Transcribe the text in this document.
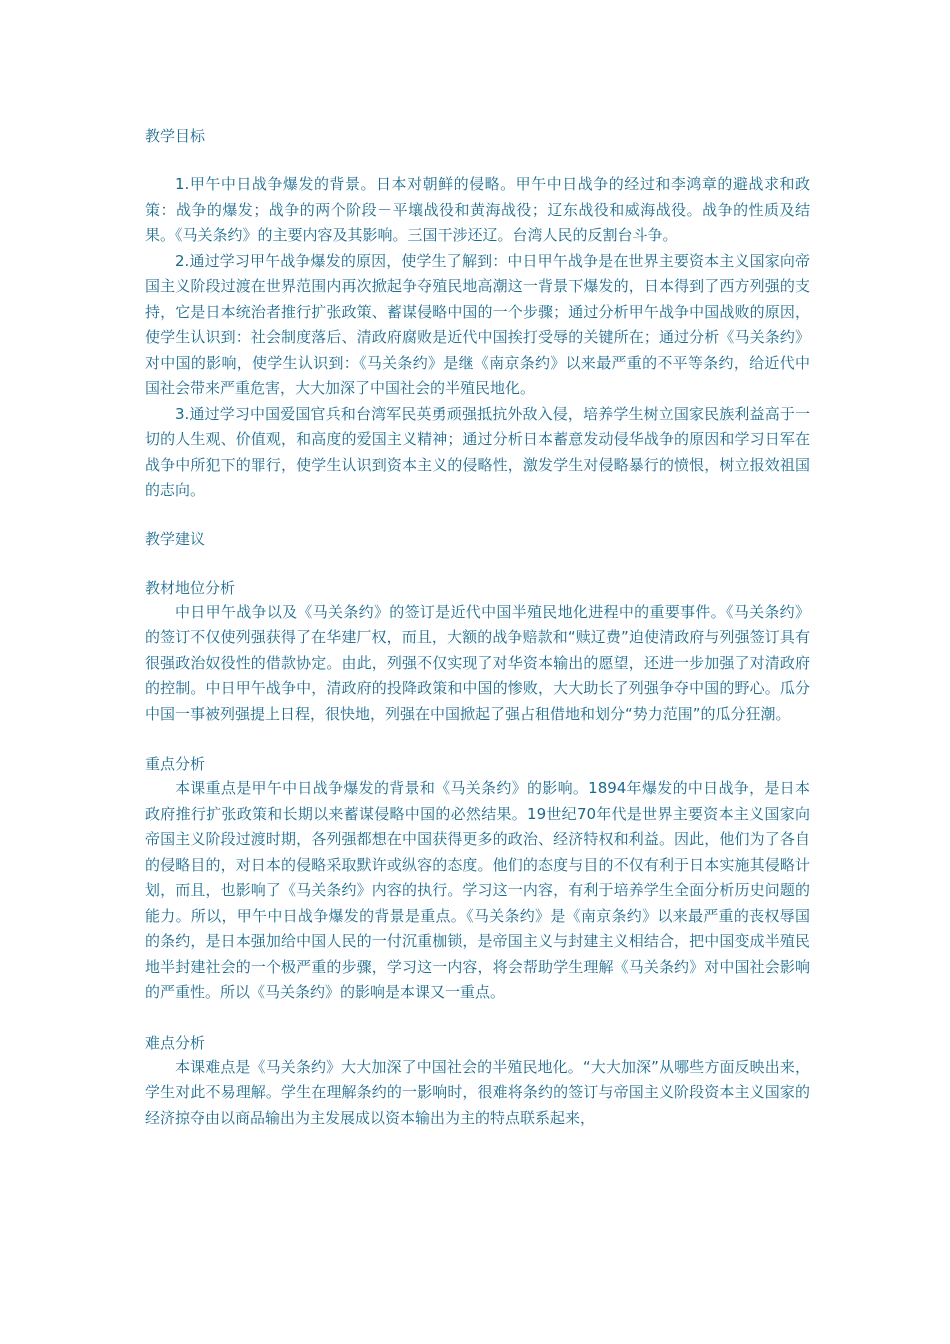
教学目标

1.甲午中日战争爆发的背景。日本对朝鲜的侵略。甲午中日战争的经过和李鸿章的避战求和政策：战争的爆发；战争的两个阶段－平壤战役和黄海战役；辽东战役和威海战役。战争的性质及结果。《马关条约》的主要内容及其影响。三国干涉还辽。台湾人民的反割台斗争。

2.通过学习甲午战争爆发的原因，使学生了解到：中日甲午战争是在世界主要资本主义国家向帝国主义阶段过渡在世界范围内再次掀起争夺殖民地高潮这一背景下爆发的，日本得到了西方列强的支持，它是日本统治者推行扩张政策、蓄谋侵略中国的一个步骤；通过分析甲午战争中国战败的原因，使学生认识到：社会制度落后、清政府腐败是近代中国挨打受辱的关键所在；通过分析《马关条约》对中国的影响，使学生认识到：《马关条约》是继《南京条约》以来最严重的不平等条约，给近代中国社会带来严重危害，大大加深了中国社会的半殖民地化。

3.通过学习中国爱国官兵和台湾军民英勇顽强抵抗外敌入侵，培养学生树立国家民族利益高于一切的人生观、价值观，和高度的爱国主义精神；通过分析日本蓄意发动侵华战争的原因和学习日军在战争中所犯下的罪行，使学生认识到资本主义的侵略性，激发学生对侵略暴行的愤恨，树立报效祖国的志向。

教学建议

教材地位分析

中日甲午战争以及《马关条约》的签订是近代中国半殖民地化进程中的重要事件。《马关条约》的签订不仅使列强获得了在华建厂权，而且，大额的战争赔款和“赎辽费”迫使清政府与列强签订具有很强政治奴役性的借款协定。由此，列强不仅实现了对华资本输出的愿望，还进一步加强了对清政府的控制。中日甲午战争中，清政府的投降政策和中国的惨败，大大助长了列强争夺中国的野心。瓜分中国一事被列强提上日程，很快地，列强在中国掀起了强占租借地和划分“势力范围”的瓜分狂潮。

重点分析

本课重点是甲午中日战争爆发的背景和《马关条约》的影响。1894年爆发的中日战争，是日本政府推行扩张政策和长期以来蓄谋侵略中国的必然结果。19世纪70年代是世界主要资本主义国家向帝国主义阶段过渡时期，各列强都想在中国获得更多的政治、经济特权和利益。因此，他们为了各自的侵略目的，对日本的侵略采取默许或纵容的态度。他们的态度与目的不仅有利于日本实施其侵略计划，而且，也影响了《马关条约》内容的执行。学习这一内容，有利于培养学生全面分析历史问题的能力。所以，甲午中日战争爆发的背景是重点。《马关条约》是《南京条约》以来最严重的丧权辱国的条约，是日本强加给中国人民的一付沉重枷锁，是帝国主义与封建主义相结合，把中国变成半殖民地半封建社会的一个极严重的步骤，学习这一内容，将会帮助学生理解《马关条约》对中国社会影响的严重性。所以《马关条约》的影响是本课又一重点。

难点分析

本课难点是《马关条约》大大加深了中国社会的半殖民地化。“大大加深”从哪些方面反映出来，学生对此不易理解。学生在理解条约的一影响时，很难将条约的签订与帝国主义阶段资本主义国家的经济掠夺由以商品输出为主发展成以资本输出为主的特点联系起来，
